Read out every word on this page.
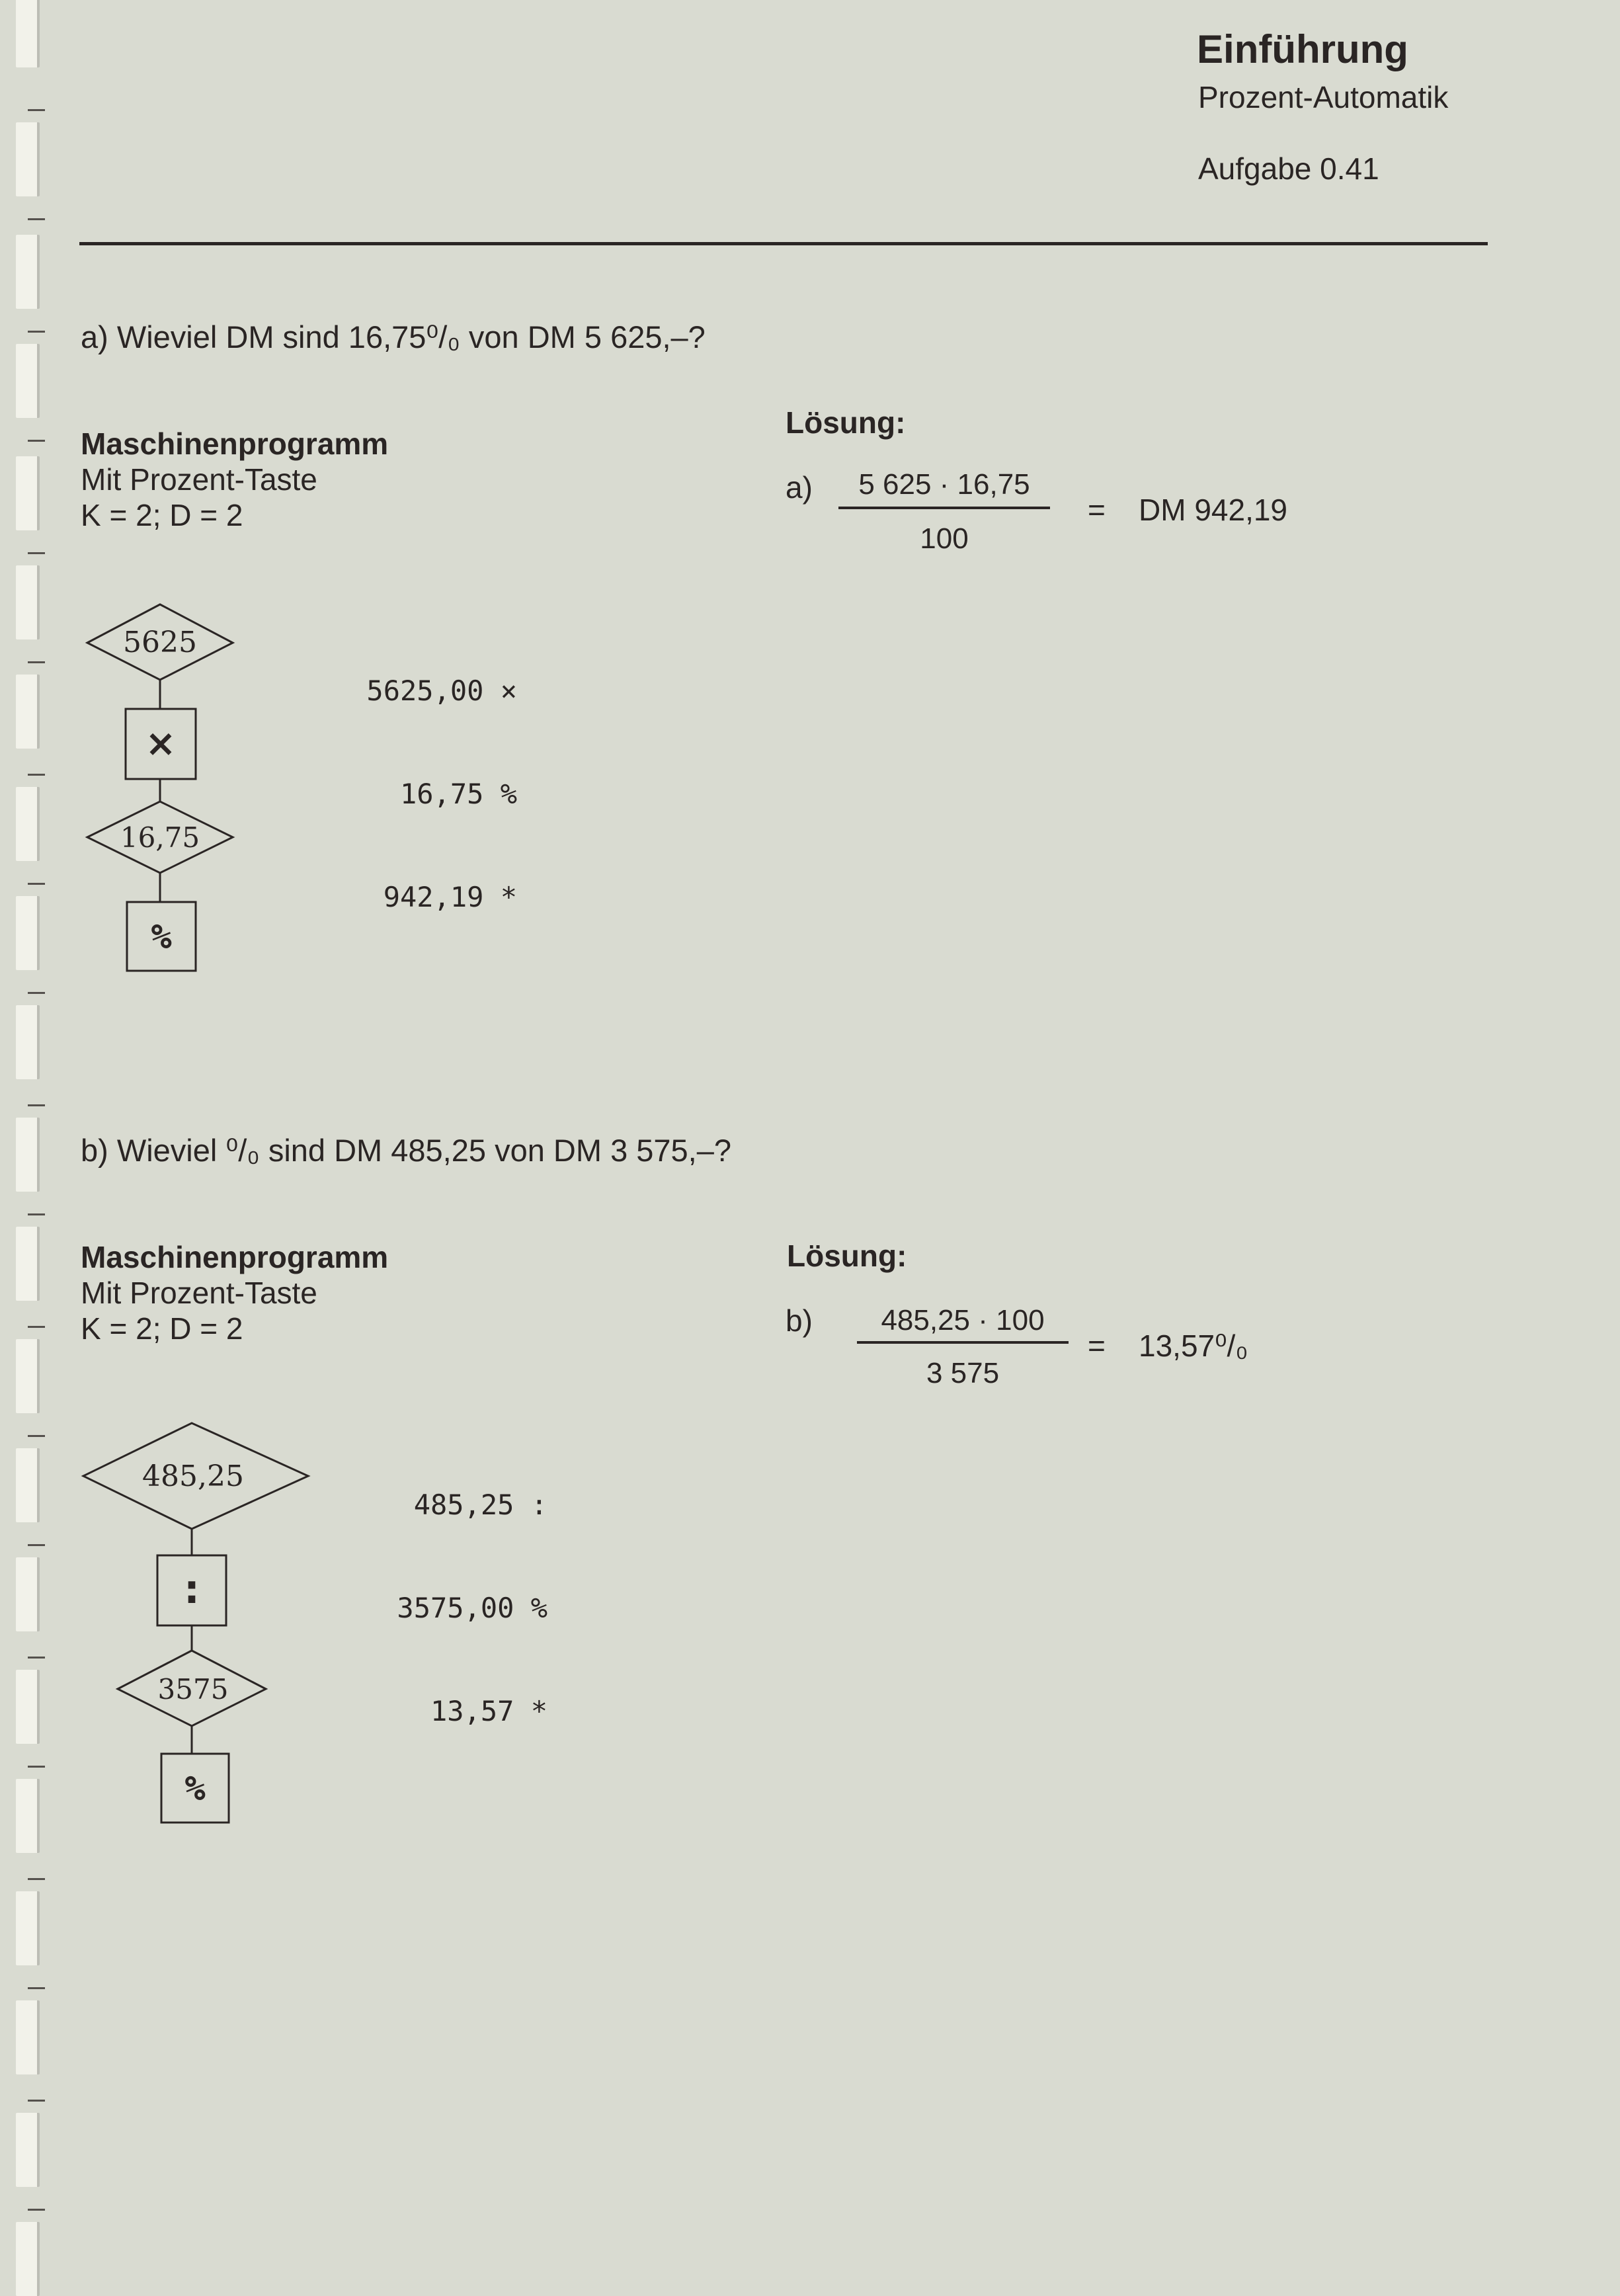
Einführung
Prozent-Automatik
Aufgabe 0.41
a) Wieviel DM sind 16,75⁰/₀ von DM 5 625,–?
Maschinenprogramm
Mit Prozent-Taste
K = 2; D = 2
5625
×
16,75
%

5625,00 ×

16,75 %

942,19 *

Lösung:
a)	5 625 · 16,75
100
= DM 942,19
b) Wieviel ⁰/₀ sind DM 485,25 von DM 3 575,–?
Maschinenprogramm
Mit Prozent-Taste
K = 2; D = 2
485,25
:
3575
%

485,25 :

3575,00 %

13,57 *

Lösung:
b)	485,25 · 100
3 575
= 13,57⁰/₀
